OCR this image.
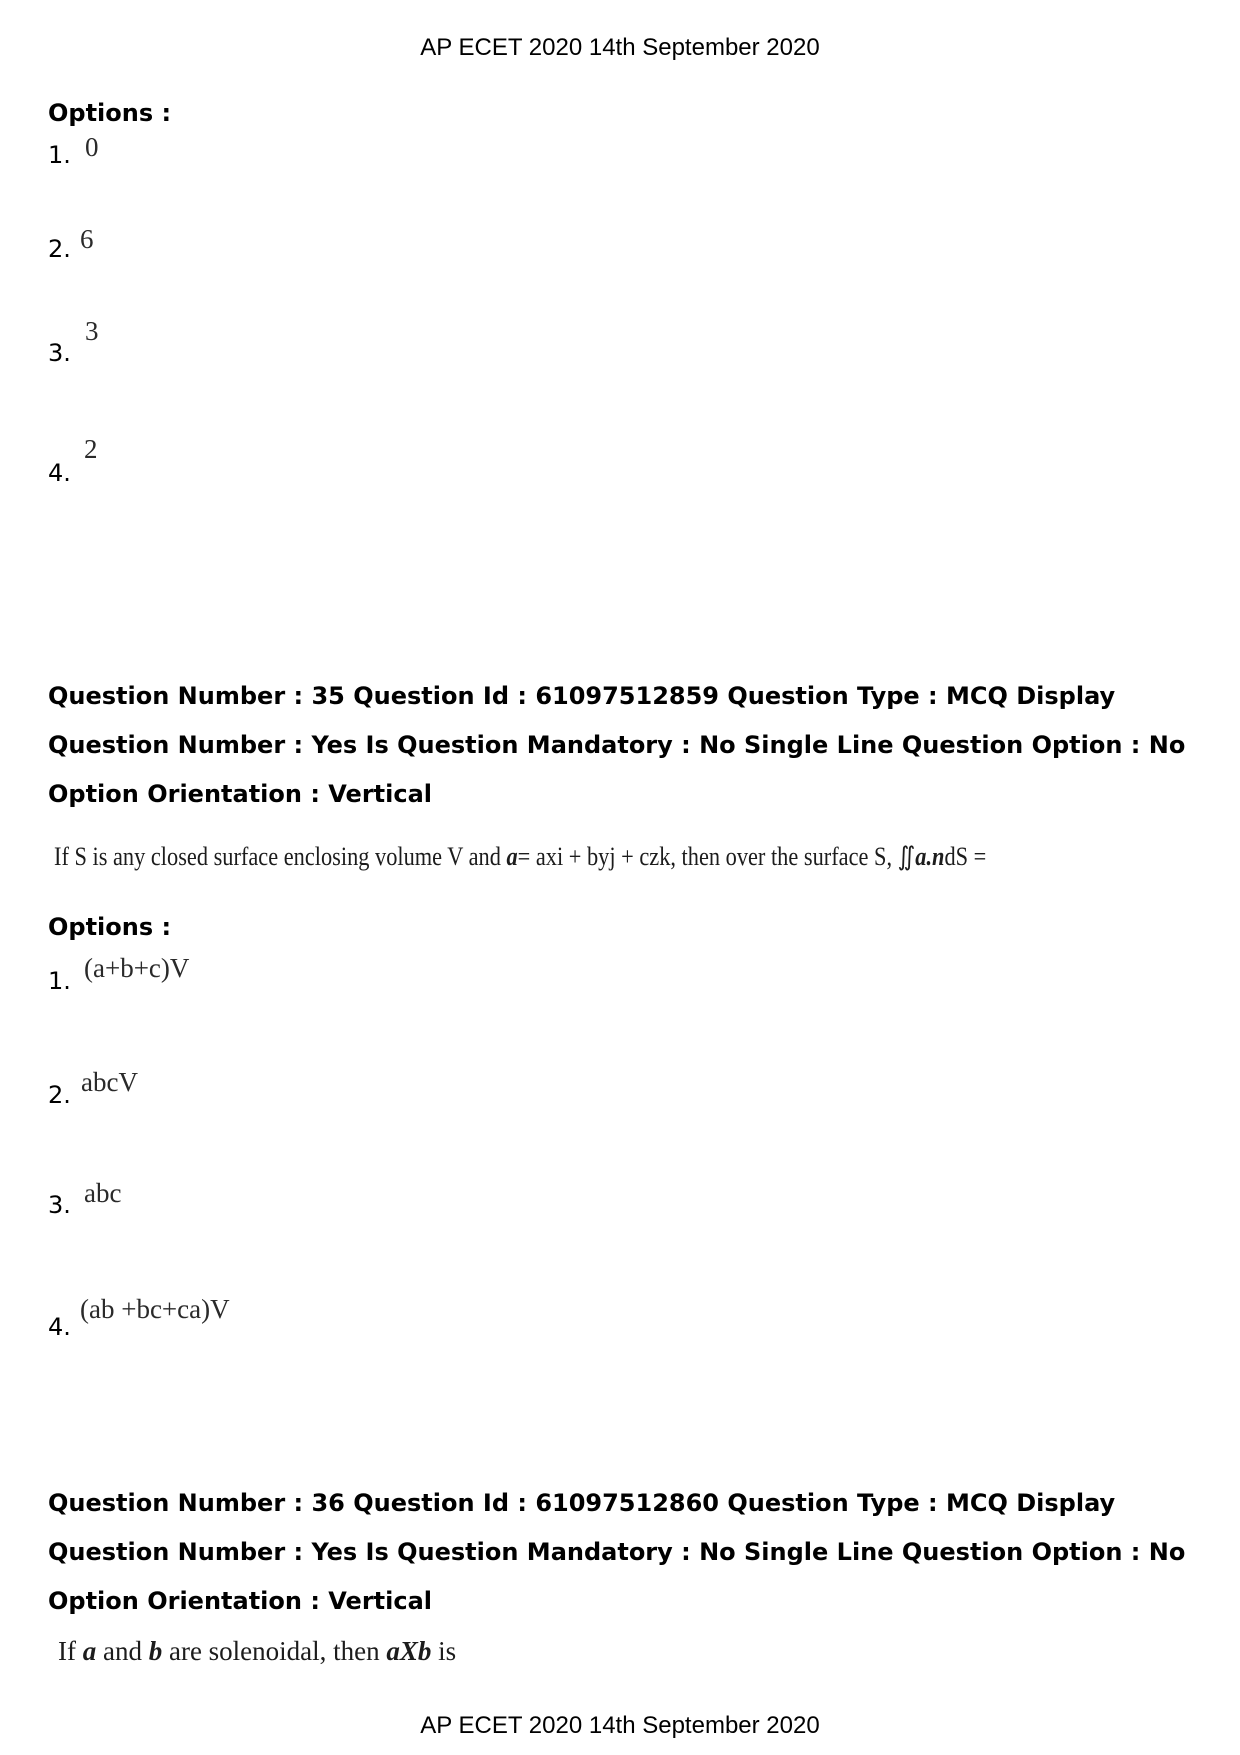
AP ECET 2020 14th September 2020

Options :

1. 0
2. 6
3.
3
4.
2

Question Number : 35 Question Id : 61097512859 Question Type : MCQ Display Question Number : Yes Is Question Mandatory : No Single Line Question Option : No Option Orientation : Vertical

If S is any closed surface enclosing volume V and a= axi + byj + czk, then over the surface S, ∬a.ndS =

Options :

1. (a+b+c)V
2. abcV
3. abc
4.
(ab +bc+ca)V

Question Number : 36 Question Id : 61097512860 Question Type : MCQ Display Question Number : Yes Is Question Mandatory : No Single Line Question Option : No Option Orientation : Vertical

If a and b are solenoidal, then aXb is
AP ECET 2020 14th September 2020
